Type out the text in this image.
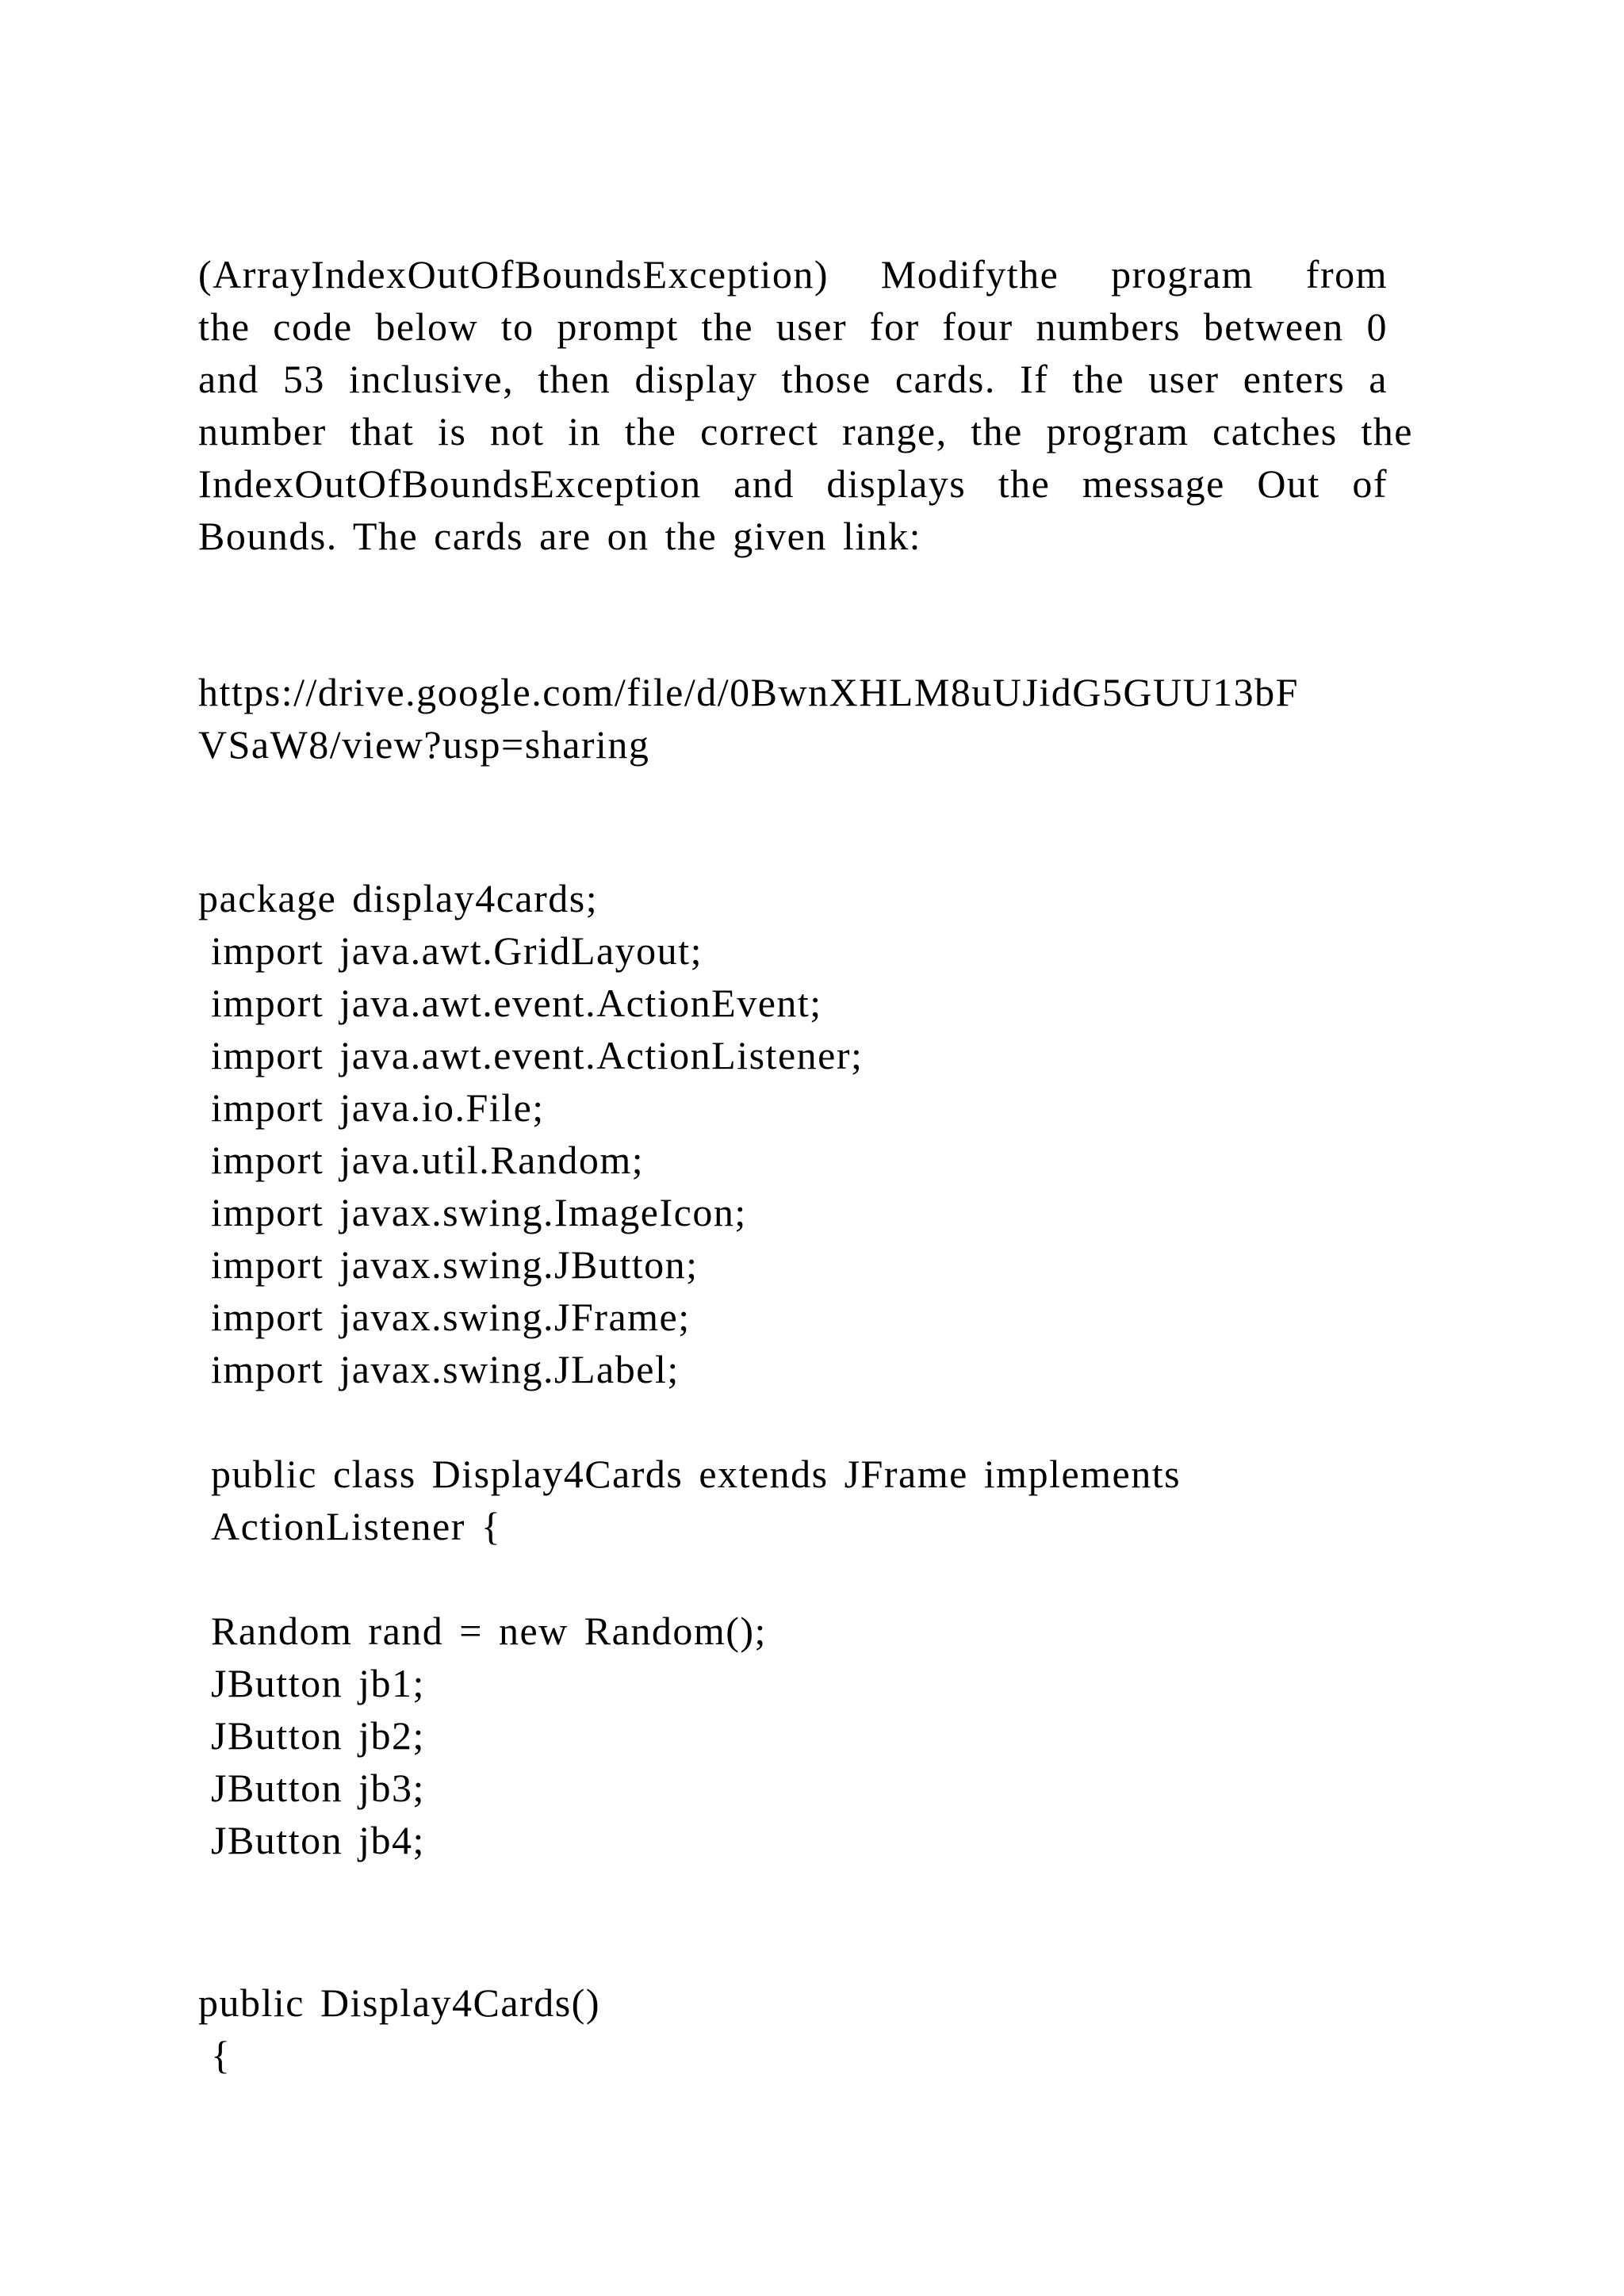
(ArrayIndexOutOfBoundsException) Modifythe program from
the code below to prompt the user for four numbers between 0
and 53 inclusive, then display those cards. If the user enters a
number that is not in the correct range, the program catches the
IndexOutOfBoundsException and displays the message Out of
Bounds. The cards are on the given link:
https://drive.google.com/file/d/0BwnXHLM8uUJidG5GUU13bF
VSaW8/view?usp=sharing
package display4cards;
import java.awt.GridLayout;
import java.awt.event.ActionEvent;
import java.awt.event.ActionListener;
import java.io.File;
import java.util.Random;
import javax.swing.ImageIcon;
import javax.swing.JButton;
import javax.swing.JFrame;
import javax.swing.JLabel;
public class Display4Cards extends JFrame implements
ActionListener {
Random rand = new Random();
JButton jb1;
JButton jb2;
JButton jb3;
JButton jb4;
public Display4Cards()
{
